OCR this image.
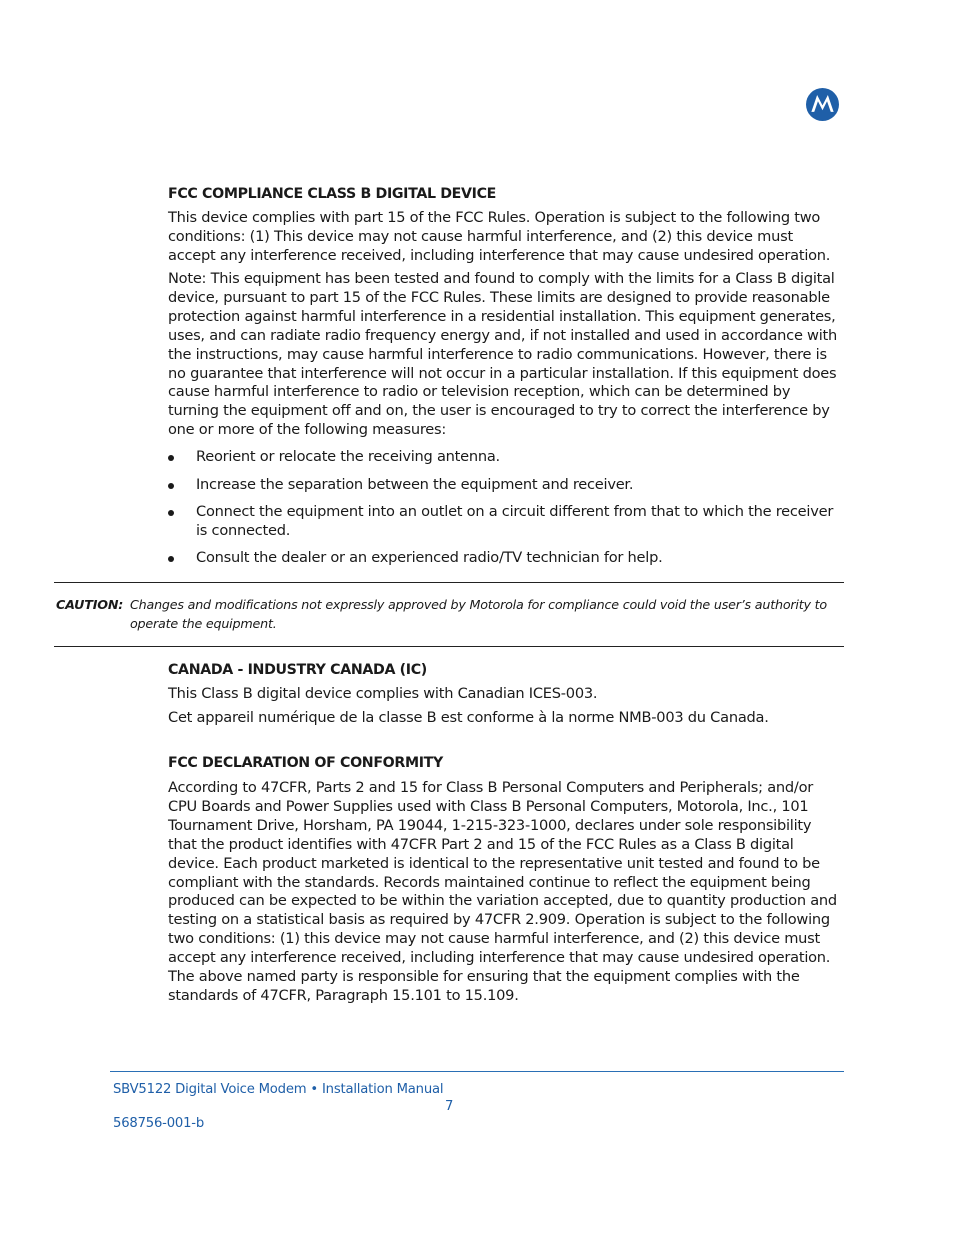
FCC COMPLIANCE CLASS B DIGITAL DEVICE

This device complies with part 15 of the FCC Rules. Operation is subject to the following two conditions: (1) This device may not cause harmful interference, and (2) this device must accept any interference received, including interference that may cause undesired operation.

Note: This equipment has been tested and found to comply with the limits for a Class B digital device, pursuant to part 15 of the FCC Rules. These limits are designed to provide reasonable protection against harmful interference in a residential installation. This equipment generates, uses, and can radiate radio frequency energy and, if not installed and used in accordance with the instructions, may cause harmful interference to radio communications. However, there is no guarantee that interference will not occur in a particular installation. If this equipment does cause harmful interference to radio or television reception, which can be determined by turning the equipment off and on, the user is encouraged to try to correct the interference by one or more of the following measures:

Reorient or relocate the receiving antenna.
Increase the separation between the equipment and receiver.
Connect the equipment into an outlet on a circuit different from that to which the receiver is connected.
Consult the dealer or an experienced radio/TV technician for help.
CAUTION: Changes and modifications not expressly approved by Motorola for compliance could void the user’s authority to operate the equipment.
CANADA - INDUSTRY CANADA (IC)

This Class B digital device complies with Canadian ICES-003.

Cet appareil numérique de la classe B est conforme à la norme NMB-003 du Canada.

FCC DECLARATION OF CONFORMITY

According to 47CFR, Parts 2 and 15 for Class B Personal Computers and Peripherals; and/or CPU Boards and Power Supplies used with Class B Personal Computers, Motorola, Inc., 101 Tournament Drive, Horsham, PA 19044, 1-215-323-1000, declares under sole responsibility that the product identifies with 47CFR Part 2 and 15 of the FCC Rules as a Class B digital device. Each product marketed is identical to the representative unit tested and found to be compliant with the standards. Records maintained continue to reflect the equipment being produced can be expected to be within the variation accepted, due to quantity production and testing on a statistical basis as required by 47CFR 2.909. Operation is subject to the following two conditions: (1) this device may not cause harmful interference, and (2) this device must accept any interference received, including interference that may cause undesired operation. The above named party is responsible for ensuring that the equipment complies with the standards of 47CFR, Paragraph 15.101 to 15.109.

SBV5122 Digital Voice Modem • Installation Manual
7
568756-001-b
